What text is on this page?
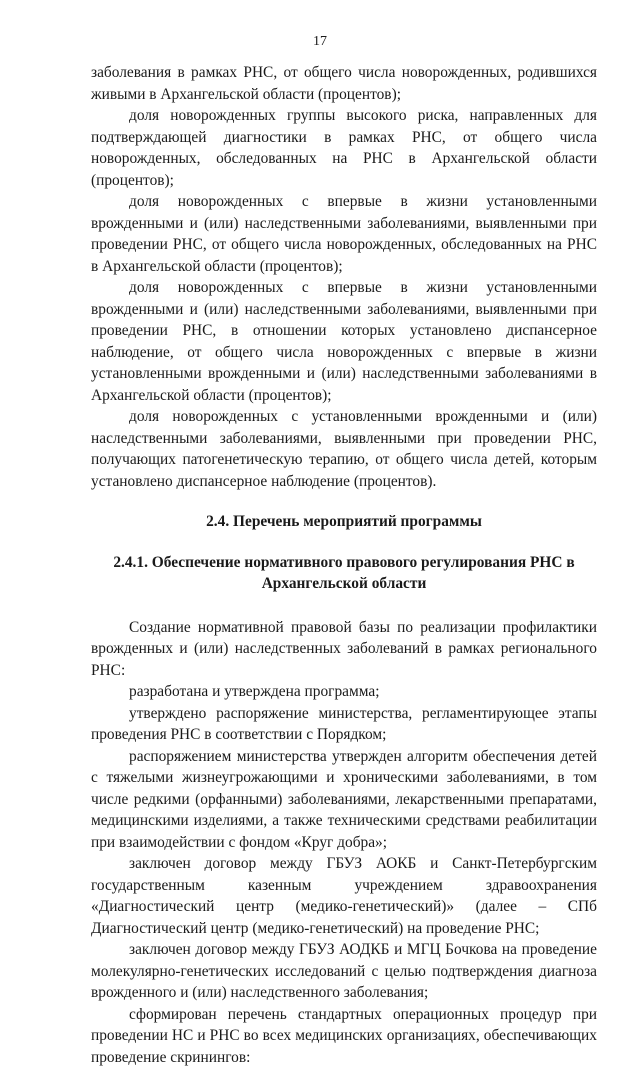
17

заболевания в рамках РНС, от общего числа новорожденных, родившихся живыми в Архангельской области (процентов);

доля новорожденных группы высокого риска, направленных для подтверждающей диагностики в рамках РНС, от общего числа новорожденных, обследованных на РНС в Архангельской области (процентов);

доля новорожденных с впервые в жизни установленными врожденными и (или) наследственными заболеваниями, выявленными при проведении РНС, от общего числа новорожденных, обследованных на РНС в Архангельской области (процентов);

доля новорожденных с впервые в жизни установленными врожденными и (или) наследственными заболеваниями, выявленными при проведении РНС, в отношении которых установлено диспансерное наблюдение, от общего числа новорожденных с впервые в жизни установленными врожденными и (или) наследственными заболеваниями в Архангельской области (процентов);

доля новорожденных с установленными врожденными и (или) наследственными заболеваниями, выявленными при проведении РНС, получающих патогенетическую терапию, от общего числа детей, которым установлено диспансерное наблюдение (процентов).

2.4. Перечень мероприятий программы

2.4.1. Обеспечение нормативного правового регулирования РНС в Архангельской области

Создание нормативной правовой базы по реализации профилактики врожденных и (или) наследственных заболеваний в рамках регионального РНС:

разработана и утверждена программа;

утверждено распоряжение министерства, регламентирующее этапы проведения РНС в соответствии с Порядком;

распоряжением министерства утвержден алгоритм обеспечения детей с тяжелыми жизнеугрожающими и хроническими заболеваниями, в том числе редкими (орфанными) заболеваниями, лекарственными препаратами, медицинскими изделиями, а также техническими средствами реабилитации при взаимодействии с фондом «Круг добра»;

заключен договор между ГБУЗ АОКБ и Санкт-Петербургским государственным казенным учреждением здравоохранения «Диагностический центр (медико-генетический)» (далее – СПб Диагностический центр (медико-генетический) на проведение РНС;

заключен договор между ГБУЗ АОДКБ и МГЦ Бочкова на проведение молекулярно-генетических исследований с целью подтверждения диагноза врожденного и (или) наследственного заболевания;

сформирован перечень стандартных операционных процедур при проведении НС и РНС во всех медицинских организациях, обеспечивающих проведение скринингов:
